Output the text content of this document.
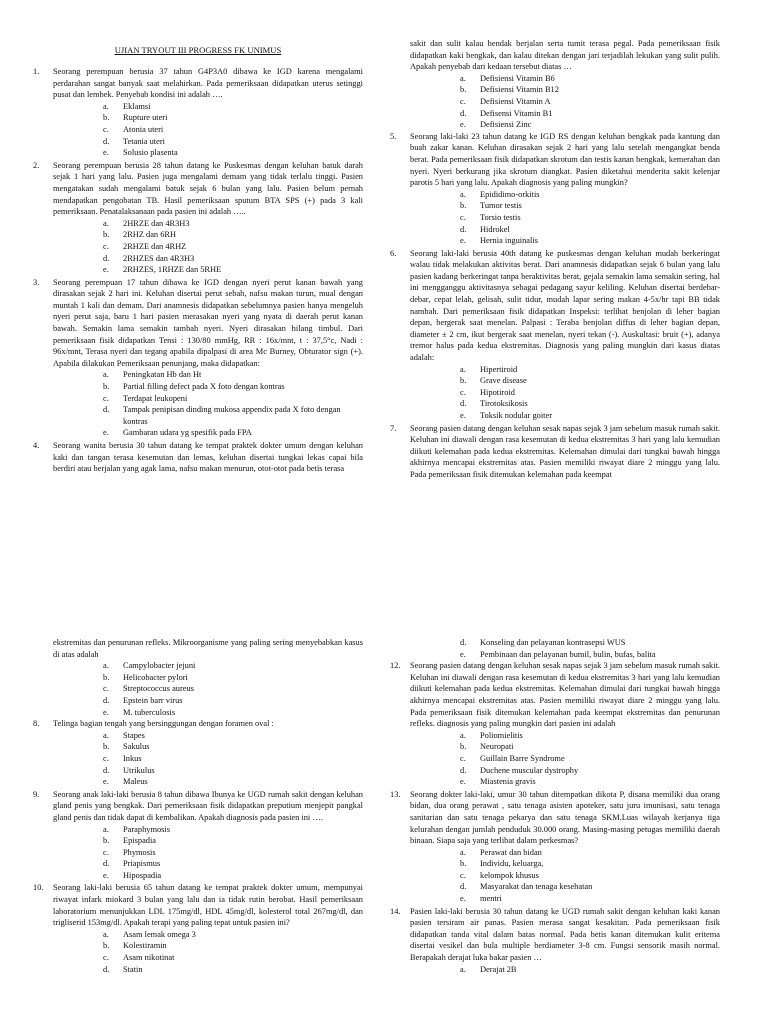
UJIAN TRYOUT III PROGRESS FK UNIMUS

1.	Seorang perempuan berusia 37 tahun G4P3A0 dibawa ke IGD karena mengalami perdarahan sangat banyak saat melahirkan. Pada pemeriksaan didapatkan uterus setinggi pusat dan lembek. Penyebab kondisi ini adalah ….

a.	Eklamsi
b.	Rupture uteri
c.	Atonia uteri
d.	Tetania uteri
e.	Solusio plasenta
2.	Seorang perempuan berusia 28 tahun datang ke Puskesmas dengan keluhan batuk darah sejak 1 hari yang lalu. Pasien juga mengalami demam yang tidak terlalu tinggi. Pasien mengatakan sudah mengalami batuk sejak 6 bulan yang lalu. Pasien belum pernah mendapatkan pengobatan TB. Hasil pemeriksaan sputum BTA SPS (+) pada 3 kali pemeriksaan. Penatalaksanaan pada pasien ini adalah …..

a.	2HRZE dan 4R3H3
b.	2RHZ dan 6RH
c.	2RHZE dan 4RHZ
d.	2RHZES dan 4R3H3
e.	2RHZES, 1RHZE dan 5RHE
3.	Seorang perempuan 17 tahun dibawa ke IGD dengan nyeri perut kanan bawah yang dirasakan sejak 2 hari ini. Keluhan disertai perut sebah, nafsu makan turun, mual dengan muntah 1 kali dan demam. Dari anamnesis didapatkan sebelumnya pasien hanya mengeluh nyeri perut saja, baru 1 hari pasien merasakan nyeri yang nyata di daerah perut kanan bawah. Semakin lama semakin tambah nyeri. Nyeri dirasakan hilang timbul. Dari pemeriksaan fisik didapatkan Tensi : 130/80 mmHg, RR : 16x/mnt, t : 37,5°c, Nadi : 96x/mnt, Terasa nyeri dan tegang apabila dipalpasi di area Mc Burney, Obturator sign (+). Apabila dilakukan Pemeriksaan penunjang, maka didapatkan:

a.	Peningkatan Hb dan Ht
b.	Partial filling defect pada X foto dengan kontras
c.	Terdapat leukopeni
d.	Tampak penipisan dinding mukosa appendix pada X foto dengan kontras
e.	Gambaran udara yg spesifik pada FPA
4.	Seorang wanita berusia 30 tahun datang ke tempat praktek dokter umum dengan keluhan kaki dan tangan terasa kesemutan dan lemas, keluhan disertai tungkai lekas capai bila berdiri atau berjalan yang agak lama, nafsu makan menurun, otot-otot pada betis terasa

sakit dan sulit kalau hendak berjalan serta tumit terasa pegal. Pada pemeriksaan fisik didapatkan kaki bengkak, dan kalau ditekan dengan jari terjadilah lekukan yang sulit pulih. Apakah penyebab dari kedaan tersebut diatas …

a.	Defisiensi Vitamin B6
b.	Defisiensi Vitamin B12
c.	Defisiensi Vitamin A
d.	Defisensi Vitamin B1
e.	Defisiensi Zinc
5.	Seorang laki-laki 23 tahun datang ke IGD RS dengan keluhan bengkak pada kantung dan buah zakar kanan. Keluhan dirasakan sejak 2 hari yang lalu setelah mengangkat benda berat. Pada pemeriksaan fisik didapatkan skrotum dan testis kanan bengkak, kemerahan dan nyeri. Nyeri berkurang jika skrotum diangkat. Pasien diketahui menderita sakit kelenjar parotis 5 hari yang lalu. Apakah diagnosis yang paling mungkin?

a.	Epididimo-orkitis
b.	Tumor testis
c.	Torsio testis
d.	Hidrokel
e.	Hernia inguinalis
6.	Seorang laki-laki berusia 40th datang ke puskesmas dengan keluhan mudah berkeringat walau tidak melakukan aktivitas berat. Dari anamnesis didapatkan sejak 6 bulan yang lalu pasien kadang berkeringat tanpa beraktivitas berat, gejala semakin lama semakin sering, hal ini mengganggu aktivitasnya sebagai pedagang sayur keliling. Keluhan disertai berdebar-debar, cepat lelah, gelisah, sulit tidur, mudah lapar sering makan 4-5x/hr tapi BB tidak nambah. Dari pemeriksaan fisik didapatkan Inspeksi: terlihat benjolan di leher bagian depan, bergerak saat menelan. Palpasi : Teraba benjolan diffus di leher bagian depan, diameter ± 2 cm, ikut bergerak saat menelan, nyeri tekan (-). Auskultasi: bruit (+), adanya tremor halus pada kedua ekstremitas. Diagnosis yang paling mungkin dari kasus diatas adalah:

a.	Hipertiroid
b.	Grave disease
c.	Hipotiroid
d.	Tirotoksikosis
e.	Toksik nodular goiter
7.	Seorang pasien datang dengan keluhan sesak napas sejak 3 jam sebelum masuk rumah sakit. Keluhan ini diawali dengan rasa kesemutan di kedua ekstremitas 3 hari yang lalu kemudian diikuti kelemahan pada kedua ekstremitas. Kelemahan dimulai dari tungkai bawah hingga akhirnya mencapai ekstremitas atas. Pasien memiliki riwayat diare 2 minggu yang lalu. Pada pemeriksaan fisik ditemukan kelemahan pada keempat

ekstremitas dan penurunan refleks. Mikroorganisme yang paling sering menyebabkan kasus di atas adalah

a.	Campylobacter jejuni
b.	Helicobacter pylori
c.	Streptococcus aureus
d.	Epstein barr virus
e.	M. tuberculosis
8.	Telinga bagian tengah yang bersinggungan dengan foramen oval :

a.	Stapes
b.	Sakulus
c.	Inkus
d.	Utrikulus
e.	Maleus
9.	Seorang anak laki-laki berusia 8 tahun dibawa Ibunya ke UGD rumah sakit dengan keluhan gland penis yang bengkak. Dari pemeriksaan fisik didapatkan preputium menjepit pangkal gland penis dan tidak dapat di kembalikan. Apakah diagnosis pada pasien ini ….

a.	Paraphymosis
b.	Epispadia
c.	Phymosis
d.	Priapismus
e.	Hipospadia
10.	Seorang laki-laki berusia 65 tahun datang ke tempat praktek dokter umum, mempunyai riwayat infark miokard 3 bulan yang lalu dan ia tidak rutin berobat. Hasil pemeriksaan laboratorium menunjukkan LDL 175mg/dl, HDL 45mg/dl, kolesterol total 267mg/dl, dan trigliserid 153mg/dl. Apakah terapi yang paling tepat untuk pasien ini?

a.	Asam lemak omega 3
b.	Kolestiramin
c.	Asam nikotinat
d.	Statin
d.	Konseling dan pelayanan kontrasepsi WUS
e.	Pembinaan dan pelayanan bumil, bulin, bufas, balita
12.	Seorang pasien datang dengan keluhan sesak napas sejak 3 jam sebelum masuk rumah sakit. Keluhan ini diawali dengan rasa kesemutan di kedua ekstremitas 3 hari yang lalu kemudian diikuti kelemahan pada kedua ekstremitas. Kelemahan dimulai dari tungkai bawah hingga akhirnya mencapai ekstremitas atas. Pasien memiliki riwayat diare 2 minggu yang lalu. Pada pemeriksaan fisik ditemukan kelemahan pada keempat ekstremitas dan penurunan refleks. diagnosis yang paling mungkin dari pasien ini adalah

a.	Poliomielitis
b.	Neuropati
c.	Guillain Barre Syndrome
d.	Duchene muscular dystrophy
e.	Miastenia gravis
13.	Seorang dokter laki-laki, umur 30 tahun ditempatkan dikota P, disana memiliki dua orang bidan, dua orang perawat , satu tenaga asisten apoteker, satu juru imunisasi, satu tenaga sanitarian dan satu tenaga pekarya dan satu tenaga SKM.Luas wilayah kerjanya tiga kelurahan dengan jumlah penduduk 30.000 orang. Masing-masing petugas memiliki daerah binaan. Siapa saja yang terlibat dalam perkesmas?

a.	Perawat dan bidan
b.	Individu, keluarga,
c.	kelompok khusus
d.	Masyarakat dan tenaga kesehatan
e.	mentri
14.	Pasien laki-laki berusia 30 tahun datang ke UGD rumah sakit dengan keluhan kaki kanan pasien tersiram air panas. Pasien merasa sangat kesakitan. Pada pemeriksaan fisik didapatkan tanda vital dalam batas normal. Pada betis kanan ditemukan kulit eritema disertai vesikel dan bula multiple berdiameter 3-8 cm. Fungsi sensorik masih normal. Berapakah derajat luka bakar pasien …

a.	Derajat 2B
